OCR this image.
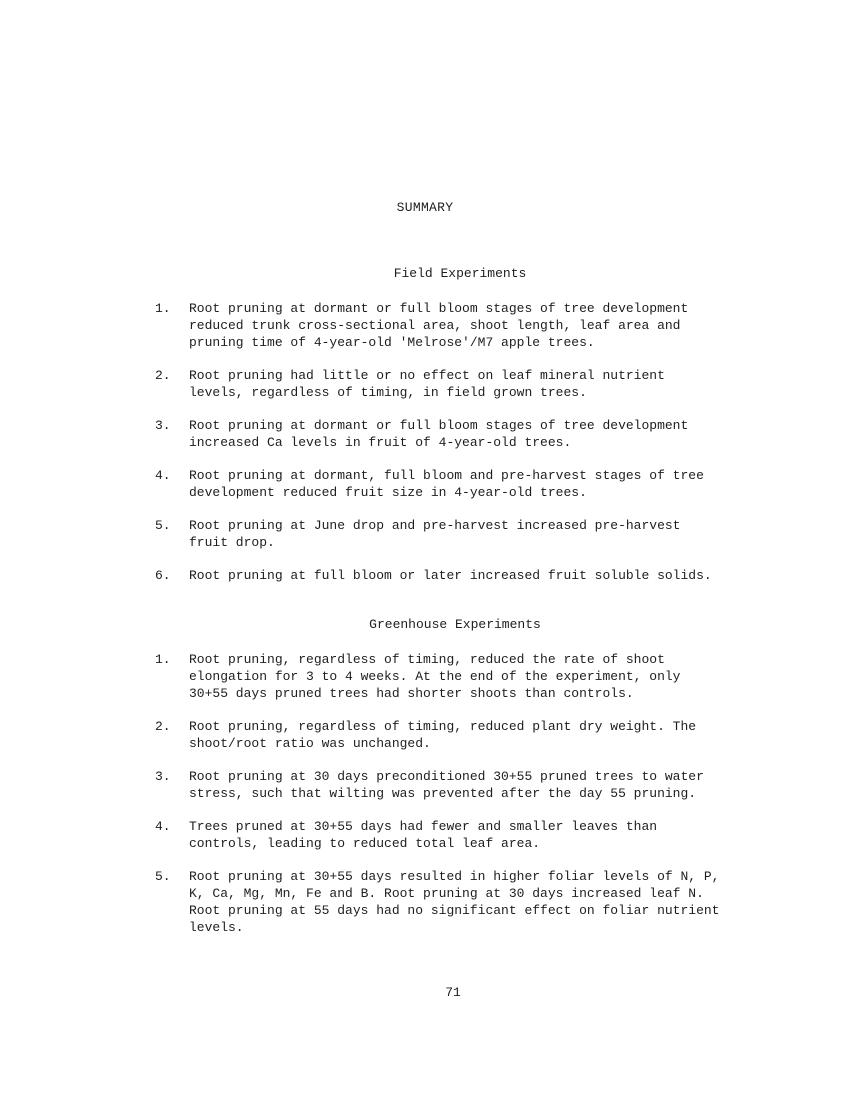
SUMMARY
Field Experiments
1.	Root pruning at dormant or full bloom stages of tree development
reduced trunk cross-sectional area, shoot length, leaf area and
pruning time of 4-year-old 'Melrose'/M7 apple trees.
2.	Root pruning had little or no effect on leaf mineral nutrient
levels, regardless of timing, in field grown trees.
3.	Root pruning at dormant or full bloom stages of tree development
increased Ca levels in fruit of 4-year-old trees.
4.	Root pruning at dormant, full bloom and pre-harvest stages of tree
development reduced fruit size in 4-year-old trees.
5.	Root pruning at June drop and pre-harvest increased pre-harvest
fruit drop.
6.	Root pruning at full bloom or later increased fruit soluble solids.
Greenhouse Experiments
1.	Root pruning, regardless of timing, reduced the rate of shoot
elongation for 3 to 4 weeks. At the end of the experiment, only
30+55 days pruned trees had shorter shoots than controls.
2.	Root pruning, regardless of timing, reduced plant dry weight. The
shoot/root ratio was unchanged.
3.	Root pruning at 30 days preconditioned 30+55 pruned trees to water
stress, such that wilting was prevented after the day 55 pruning.
4.	Trees pruned at 30+55 days had fewer and smaller leaves than
controls, leading to reduced total leaf area.
5.	Root pruning at 30+55 days resulted in higher foliar levels of N, P,
K, Ca, Mg, Mn, Fe and B. Root pruning at 30 days increased leaf N.
Root pruning at 55 days had no significant effect on foliar nutrient
levels.
71
